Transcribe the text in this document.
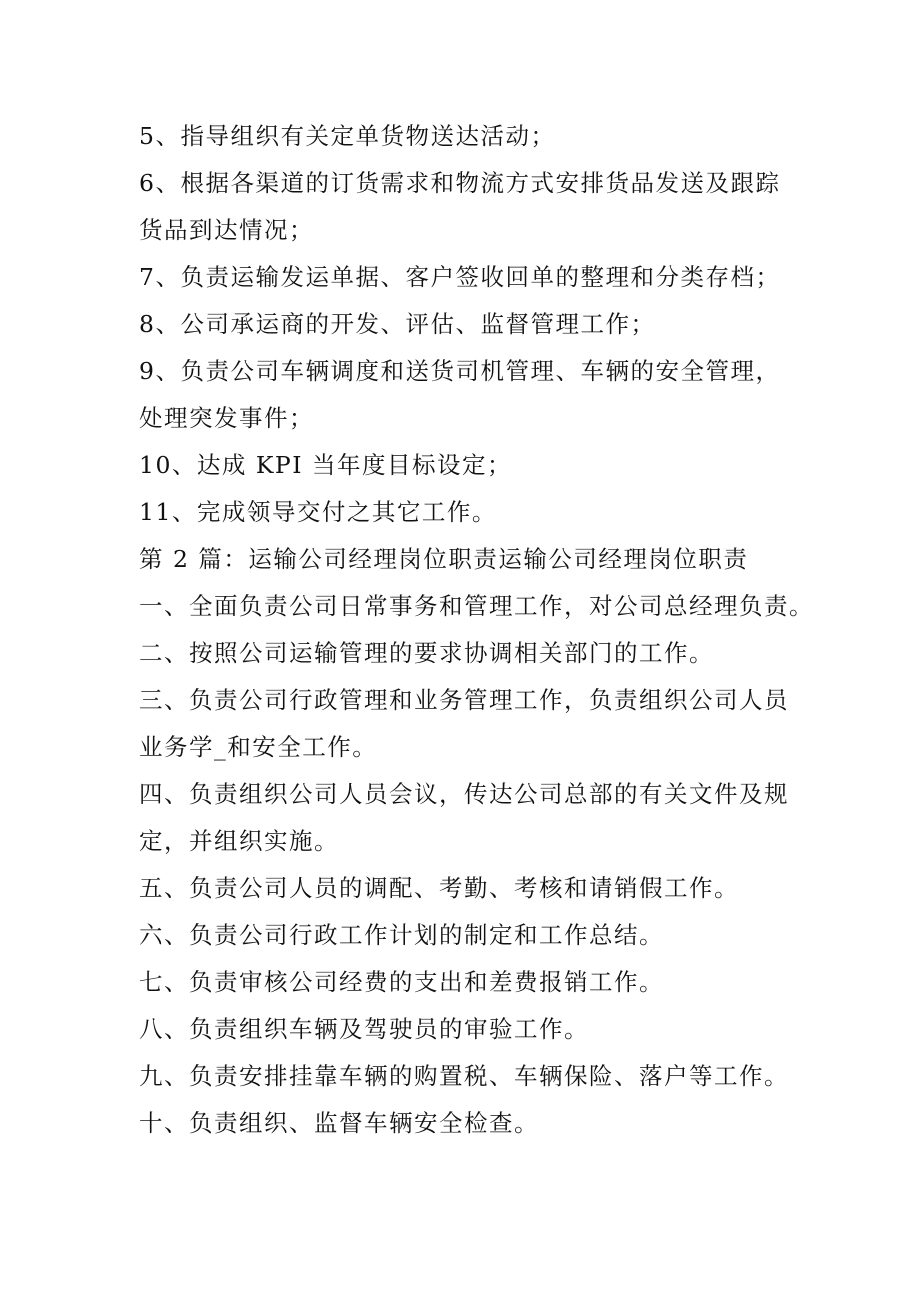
5、指导组织有关定单货物送达活动；
6、根据各渠道的订货需求和物流方式安排货品发送及跟踪
货品到达情况；
7、负责运输发运单据、客户签收回单的整理和分类存档；
8、公司承运商的开发、评估、监督管理工作；
9、负责公司车辆调度和送货司机管理、车辆的安全管理，
处理突发事件；
10、达成 KPI 当年度目标设定；
11、完成领导交付之其它工作。
第 2 篇：运输公司经理岗位职责运输公司经理岗位职责
一、全面负责公司日常事务和管理工作，对公司总经理负责。
二、按照公司运输管理的要求协调相关部门的工作。
三、负责公司行政管理和业务管理工作，负责组织公司人员
业务学_和安全工作。
四、负责组织公司人员会议，传达公司总部的有关文件及规
定，并组织实施。
五、负责公司人员的调配、考勤、考核和请销假工作。
六、负责公司行政工作计划的制定和工作总结。
七、负责审核公司经费的支出和差费报销工作。
八、负责组织车辆及驾驶员的审验工作。
九、负责安排挂靠车辆的购置税、车辆保险、落户等工作。
十、负责组织、监督车辆安全检查。
